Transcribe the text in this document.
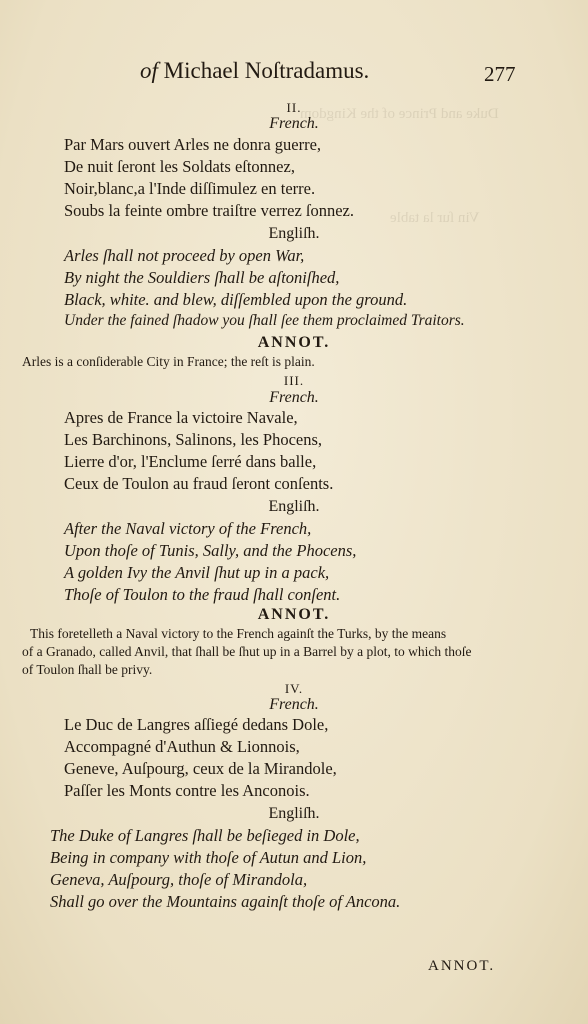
Duke and Prince of the Kingdom
Vin ſur la table
of Michael Noſtradamus.	277
II.
French.
Par Mars ouvert Arles ne donra guerre,
De nuit ſeront les Soldats eſtonnez,
Noir,blanc,a l'Inde diſſimulez en terre.
Soubs la feinte ombre traiſtre verrez ſonnez.
Engliſh.
Arles ſhall not proceed by open War,
By night the Souldiers ſhall be aſtoniſhed,
Black, white. and blew, diſſembled upon the ground.
Under the fained ſhadow you ſhall ſee them proclaimed Traitors.
ANNOT.
Arles is a conſiderable City in France; the reſt is plain.
III.
French.
Apres de France la victoire Navale,
Les Barchinons, Salinons, les Phocens,
Lierre d'or, l'Enclume ſerré dans balle,
Ceux de Toulon au fraud ſeront conſents.
Engliſh.
After the Naval victory of the French,
Upon thoſe of Tunis, Sally, and the Phocens,
A golden Ivy the Anvil ſhut up in a pack,
Thoſe of Toulon to the fraud ſhall conſent.
ANNOT.
This foretelleth a Naval victory to the French againſt the Turks, by the means
of a Granado, called Anvil, that ſhall be ſhut up in a Barrel by a plot, to which thoſe
of Toulon ſhall be privy.
IV.
French.
Le Duc de Langres aſſiegé dedans Dole,
Accompagné d'Authun & Lionnois,
Geneve, Auſpourg, ceux de la Mirandole,
Paſſer les Monts contre les Anconois.
Engliſh.
The Duke of Langres ſhall be beſieged in Dole,
Being in company with thoſe of Autun and Lion,
Geneva, Auſpourg, thoſe of Mirandola,
Shall go over the Mountains againſt thoſe of Ancona.
ANNOT.
